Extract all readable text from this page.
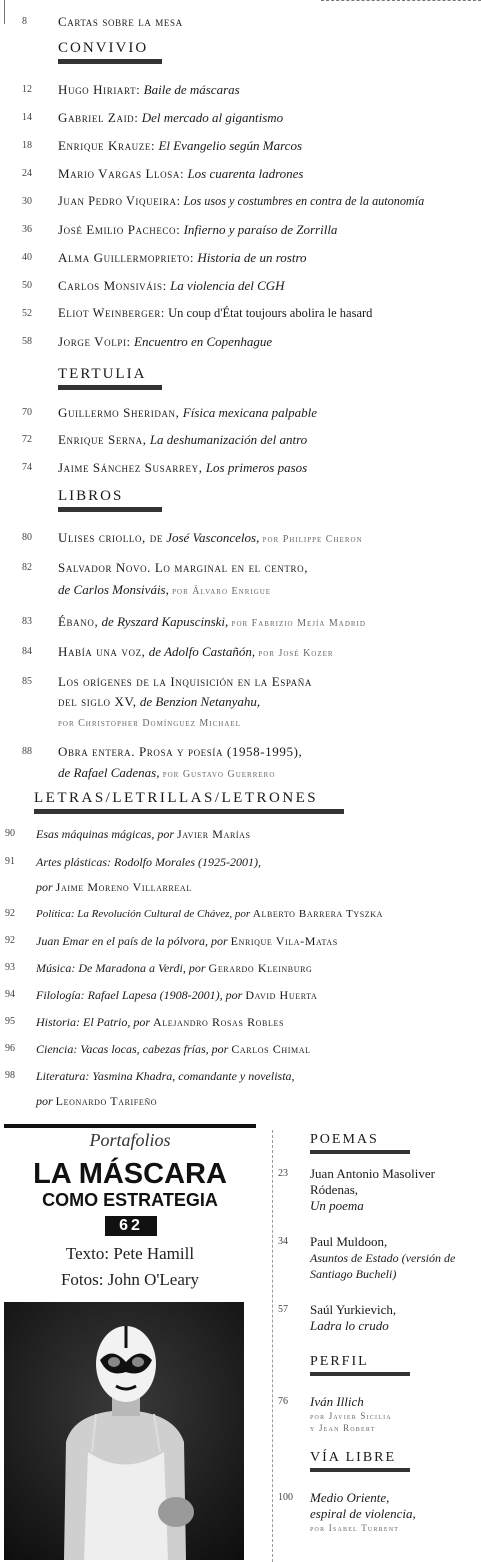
8	Cartas sobre la mesa
CONVIVIO
12	Hugo Hiriart: Baile de máscaras
14	Gabriel Zaid: Del mercado al gigantismo
18	Enrique Krauze: El Evangelio según Marcos
24	Mario Vargas Llosa: Los cuarenta ladrones
30	Juan Pedro Viqueira: Los usos y costumbres en contra de la autonomía
36	José Emilio Pacheco: Infierno y paraíso de Zorrilla
40	Alma Guillermoprieto: Historia de un rostro
50	Carlos Monsiváis: La violencia del CGH
52	Eliot Weinberger: Un coup d'État toujours abolira le hasard
58	Jorge Volpi: Encuentro en Copenhague
TERTULIA
70	Guillermo Sheridan, Física mexicana palpable
72	Enrique Serna, La deshumanización del antro
74	Jaime Sánchez Susarrey, Los primeros pasos
LIBROS
80	Ulises criollo, de José Vasconcelos, por Philippe Cheron
82	Salvador Novo. Lo marginal en el centro,
de Carlos Monsiváis, por Álvaro Enrigue
83	Ébano, de Ryszard Kapuscinski, por Fabrizio Mejía Madrid
84	Había una voz, de Adolfo Castañón, por José Kozer
85	Los orígenes de la Inquisición en la España
del siglo XV, de Benzion Netanyahu,
por Christopher Domínguez Michael
88	Obra entera. Prosa y poesía (1958-1995),
de Rafael Cadenas, por Gustavo Guerrero
LETRAS/LETRILLAS/LETRONES
90	Esas máquinas mágicas, por Javier Marías
91	Artes plásticas: Rodolfo Morales (1925-2001),
por Jaime Moreno Villarreal
92	Política: La Revolución Cultural de Chávez, por Alberto Barrera Tyszka
92	Juan Emar en el país de la pólvora, por Enrique Vila-Matas
93	Música: De Maradona a Verdi, por Gerardo Kleinburg
94	Filología: Rafael Lapesa (1908-2001), por David Huerta
95	Historia: El Patrio, por Alejandro Rosas Robles
96	Ciencia: Vacas locas, cabezas frías, por Carlos Chimal
98	Literatura: Yasmina Khadra, comandante y novelista,
por Leonardo Tarifeño
Portafolios
LA MÁSCARA
COMO ESTRATEGIA
62
Texto: Pete Hamill
Fotos: John O'Leary
POEMAS
23 Juan Antonio Masoliver Ródenas,
Un poema
34 Paul Muldoon,
Asuntos de Estado (versión de Santiago Bucheli)
57 Saúl Yurkievich,
Ladra lo crudo
PERFIL
76 Iván Illich
por Javier Sicilia
y Jean Robert
VÍA LIBRE
100 Medio Oriente,
espiral de violencia,
por Isabel Turrent
